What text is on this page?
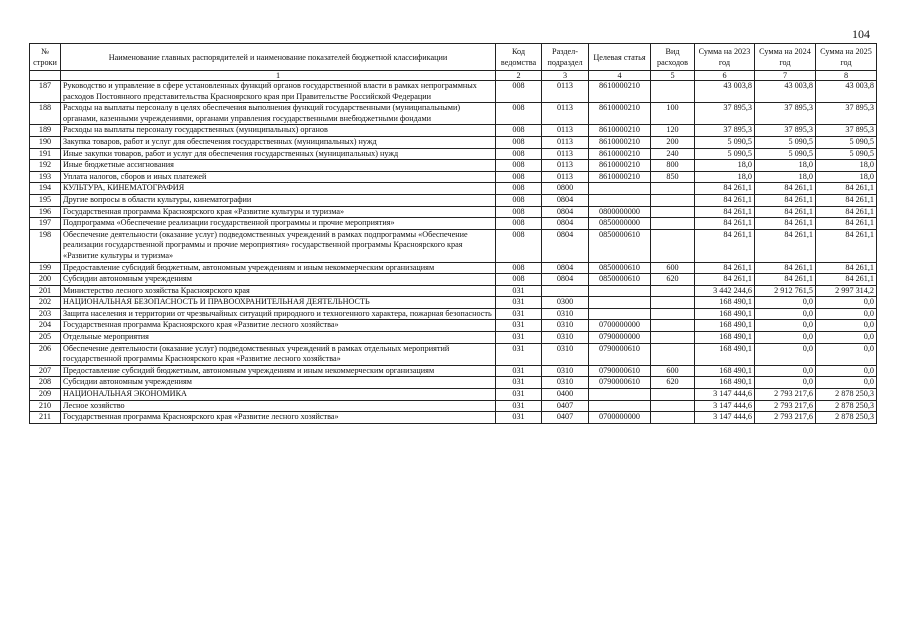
104
№ строки	Наименование главных распорядителей и наименование показателей бюджетной классификации	Код ведомства	Раздел-подраздел	Целевая статья	Вид расходов	Сумма на 2023 год	Сумма на 2024 год	Сумма на 2025 год
	1	2	3	4	5	6	7	8
187	Руководство и управление в сфере установленных функций органов государственной власти в рамках непрограммных расходов Постоянного представительства Красноярского края при Правительстве Российской Федерации	008	0113	8610000210		43 003,8	43 003,8	43 003,8
188	Расходы на выплаты персоналу в целях обеспечения выполнения функций государственными (муниципальными) органами, казенными учреждениями, органами управления государственными внебюджетными фондами	008	0113	8610000210	100	37 895,3	37 895,3	37 895,3
189	Расходы на выплаты персоналу государственных (муниципальных) органов	008	0113	8610000210	120	37 895,3	37 895,3	37 895,3
190	Закупка товаров, работ и услуг для обеспечения государственных (муниципальных) нужд	008	0113	8610000210	200	5 090,5	5 090,5	5 090,5
191	Иные закупки товаров, работ и услуг для обеспечения государственных (муниципальных) нужд	008	0113	8610000210	240	5 090,5	5 090,5	5 090,5
192	Иные бюджетные ассигнования	008	0113	8610000210	800	18,0	18,0	18,0
193	Уплата налогов, сборов и иных платежей	008	0113	8610000210	850	18,0	18,0	18,0
194	КУЛЬТУРА, КИНЕМАТОГРАФИЯ	008	0800			84 261,1	84 261,1	84 261,1
195	Другие вопросы в области культуры, кинематографии	008	0804			84 261,1	84 261,1	84 261,1
196	Государственная программа Красноярского края «Развитие культуры и туризма»	008	0804	0800000000		84 261,1	84 261,1	84 261,1
197	Подпрограмма «Обеспечение реализации государственной программы и прочие мероприятия»	008	0804	0850000000		84 261,1	84 261,1	84 261,1
198	Обеспечение деятельности (оказание услуг) подведомственных учреждений в рамках подпрограммы «Обеспечение реализации государственной программы и прочие мероприятия» государственной программы Красноярского края «Развитие культуры и туризма»	008	0804	0850000610		84 261,1	84 261,1	84 261,1
199	Предоставление субсидий бюджетным, автономным учреждениям и иным некоммерческим организациям	008	0804	0850000610	600	84 261,1	84 261,1	84 261,1
200	Субсидии автономным учреждениям	008	0804	0850000610	620	84 261,1	84 261,1	84 261,1
201	Министерство лесного хозяйства Красноярского края	031				3 442 244,6	2 912 761,5	2 997 314,2
202	НАЦИОНАЛЬНАЯ БЕЗОПАСНОСТЬ И ПРАВООХРАНИТЕЛЬНАЯ ДЕЯТЕЛЬНОСТЬ	031	0300			168 490,1	0,0	0,0
203	Защита населения и территории от чрезвычайных ситуаций природного и техногенного характера, пожарная безопасность	031	0310			168 490,1	0,0	0,0
204	Государственная программа Красноярского края «Развитие лесного хозяйства»	031	0310	0700000000		168 490,1	0,0	0,0
205	Отдельные мероприятия	031	0310	0790000000		168 490,1	0,0	0,0
206	Обеспечение деятельности (оказание услуг) подведомственных учреждений в рамках отдельных мероприятий государственной программы Красноярского края «Развитие лесного хозяйства»	031	0310	0790000610		168 490,1	0,0	0,0
207	Предоставление субсидий бюджетным, автономным учреждениям и иным некоммерческим организациям	031	0310	0790000610	600	168 490,1	0,0	0,0
208	Субсидии автономным учреждениям	031	0310	0790000610	620	168 490,1	0,0	0,0
209	НАЦИОНАЛЬНАЯ ЭКОНОМИКА	031	0400			3 147 444,6	2 793 217,6	2 878 250,3
210	Лесное хозяйство	031	0407			3 147 444,6	2 793 217,6	2 878 250,3
211	Государственная программа Красноярского края «Развитие лесного хозяйства»	031	0407	0700000000		3 147 444,6	2 793 217,6	2 878 250,3
